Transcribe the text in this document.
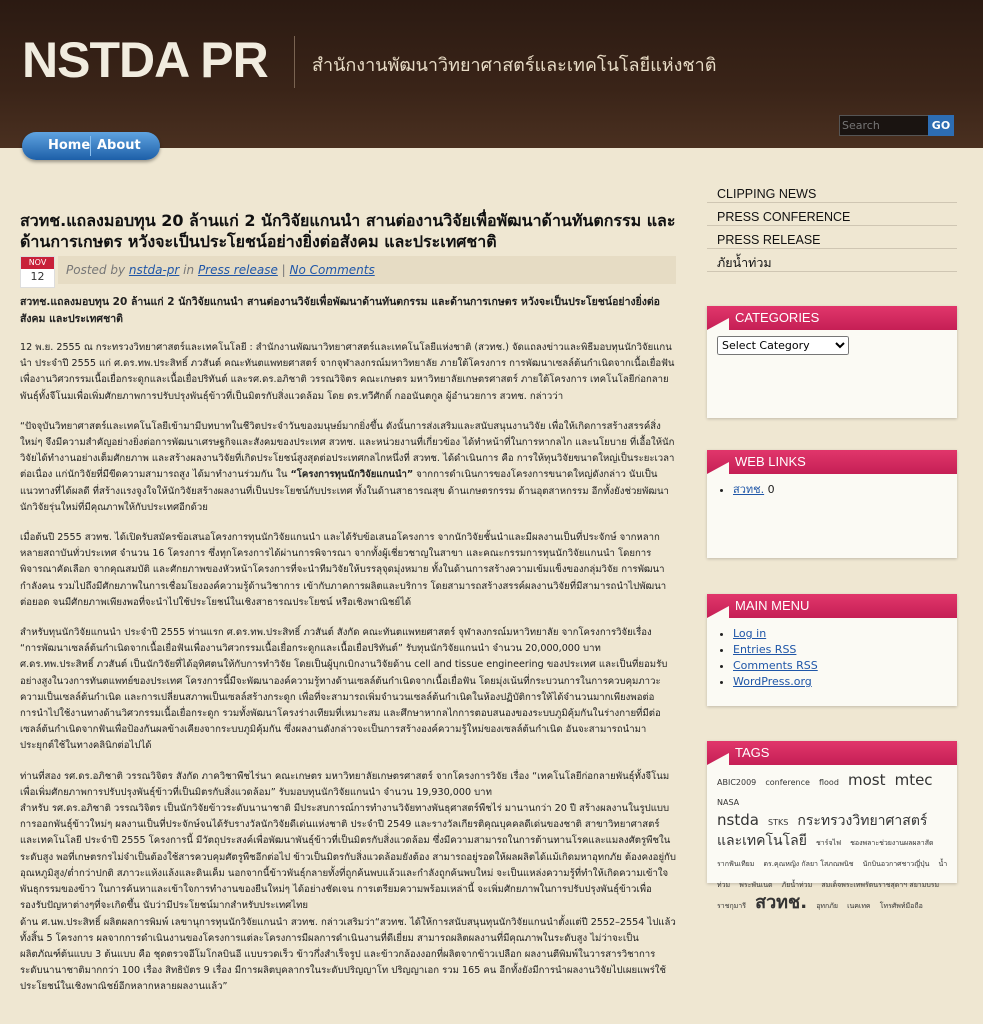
NSTDA PR สำนักงานพัฒนาวิทยาศาสตร์และเทคโนโลยีแห่งชาติ
Search
GO
Home About
สวทช.แถลงมอบทุน 20 ล้านแก่ 2 นักวิจัยแกนนำ สานต่องานวิจัยเพื่อพัฒนาด้านทันตกรรม และด้านการเกษตร หวังจะเป็นประโยชน์อย่างยิ่งต่อสังคม และประเทศชาติ
NOV
12	Posted by nstda-pr in Press release | No Comments

สวทช.แถลงมอบทุน 20 ล้านแก่ 2 นักวิจัยแกนนำ สานต่องานวิจัยเพื่อพัฒนาด้านทันตกรรม และด้านการเกษตร หวังจะเป็นประโยชน์อย่างยิ่งต่อสังคม และประเทศชาติ

12 พ.ย. 2555 ณ กระทรวงวิทยาศาสตร์และเทคโนโลยี : สำนักงานพัฒนาวิทยาศาสตร์และเทคโนโลยีแห่งชาติ (สวทช.) จัดแถลงข่าวและพิธีมอบทุนนักวิจัยแกนนำ ประจำปี 2555 แก่ ศ.ดร.ทพ.ประสิทธิ์ ภวสันต์ คณะทันตแพทยศาสตร์ จากจุฬาลงกรณ์มหาวิทยาลัย ภายใต้โครงการ การพัฒนาเซลล์ต้นกำเนิดจากเนื้อเยื่อฟันเพื่องานวิศวกรรมเนื้อเยื่อกระดูกและเนื้อเยื่อปริทันต์ และรศ.ดร.อภิชาติ วรรณวิจิตร คณะเกษตร มหาวิทยาลัยเกษตรศาสตร์ ภายใต้โครงการ เทคโนโลยีก่อกลายพันธุ์ทั้งจีโนมเพื่อเพิ่มศักยภาพการปรับปรุงพันธุ์ข้าวที่เป็นมิตรกับสิ่งแวดล้อม โดย ดร.ทวีศักดิ์ กออนันตกูล ผู้อำนวยการ สวทช. กล่าวว่า

“ปัจจุบันวิทยาศาสตร์และเทคโนโลยีเข้ามามีบทบาทในชีวิตประจำวันของมนุษย์มากยิ่งขึ้น ดังนั้นการส่งเสริมและสนับสนุนงานวิจัย เพื่อให้เกิดการสร้างสรรค์สิ่งใหม่ๆ จึงมีความสำคัญอย่างยิ่งต่อการพัฒนาเศรษฐกิจและสังคมของประเทศ สวทช. และหน่วยงานที่เกี่ยวข้อง ได้ทำหน้าที่ในการหากลไก และนโยบาย ที่เอื้อให้นักวิจัยได้ทำงานอย่างเต็มศักยภาพ และสร้างผลงานวิจัยที่เกิดประโยชน์สูงสุดต่อประเทศกลไกหนึ่งที่ สวทช. ได้ดำเนินการ คือ การให้ทุนวิจัยขนาดใหญ่เป็นระยะเวลาต่อเนื่อง แก่นักวิจัยที่มีขีดความสามารถสูง ได้มาทำงานร่วมกัน ใน “โครงการทุนนักวิจัยแกนนำ” จากการดำเนินการของโครงการขนาดใหญ่ดังกล่าว นับเป็นแนวทางที่ได้ผลดี ที่สร้างแรงจูงใจให้นักวิจัยสร้างผลงานที่เป็นประโยชน์กับประเทศ ทั้งในด้านสาธารณสุข ด้านเกษตรกรรม ด้านอุตสาหกรรม อีกทั้งยังช่วยพัฒนานักวิจัยรุ่นใหม่ที่มีคุณภาพให้กับประเทศอีกด้วย

เมื่อต้นปี 2555 สวทช. ได้เปิดรับสมัครข้อเสนอโครงการทุนนักวิจัยแกนนำ และได้รับข้อเสนอโครงการ จากนักวิจัยชั้นนำและมีผลงานเป็นที่ประจักษ์ จากหลากหลายสถาบันทั่วประเทศ จำนวน 16 โครงการ ซึ่งทุกโครงการได้ผ่านการพิจารณา จากทั้งผู้เชี่ยวชาญในสาขา และคณะกรรมการทุนนักวิจัยแกนนำ โดยการพิจารณาคัดเลือก จากคุณสมบัติ และศักยภาพของหัวหน้าโครงการที่จะนำทีมวิจัยให้บรรลุจุดมุ่งหมาย ทั้งในด้านการสร้างความเข้มแข็งของกลุ่มวิจัย การพัฒนากำลังคน รวมไปถึงมีศักยภาพในการเชื่อมโยงองค์ความรู้ด้านวิชาการ เข้ากับภาคการผลิตและบริการ โดยสามารถสร้างสรรค์ผลงานวิจัยที่มีสามารถนำไปพัฒนาต่อยอด จนมีศักยภาพเพียงพอที่จะนำไปใช้ประโยชน์ในเชิงสาธารณประโยชน์ หรือเชิงพาณิชย์ได้

สำหรับทุนนักวิจัยแกนนำ ประจำปี 2555 ท่านแรก ศ.ดร.ทพ.ประสิทธิ์ ภวสันต์ สังกัด คณะทันตแพทยศาสตร์ จุฬาลงกรณ์มหาวิทยาลัย จากโครงการวิจัยเรื่อง “การพัฒนาเซลล์ต้นกำเนิดจากเนื้อเยื่อฟันเพื่องานวิศวกรรมเนื้อเยื่อกระดูกและเนื้อเยื่อปริทันต์” รับทุนนักวิจัยแกนนำ จำนวน 20,000,000 บาท ศ.ดร.ทพ.ประสิทธิ์ ภวสันต์ เป็นนักวิจัยที่ได้อุทิศตนให้กับการทำวิจัย โดยเป็นผู้บุกเบิกงานวิจัยด้าน cell and tissue engineering ของประเทศ และเป็นที่ยอมรับอย่างสูงในวงการทันตแพทย์ของประเทศ โครงการนี้มีจะพัฒนาองค์ความรู้ทางด้านเซลล์ต้นกำเนิดจากเนื้อเยื่อฟัน โดยมุ่งเน้นที่กระบวนการในการควบคุมภาวะความเป็นเซลล์ต้นกำเนิด และการเปลี่ยนสภาพเป็นเซลล์สร้างกระดูก เพื่อที่จะสามารถเพิ่มจำนวนเซลล์ต้นกำเนิดในห้องปฏิบัติการให้ได้จำนวนมากเพียงพอต่อการนำไปใช้งานทางด้านวิศวกรรมเนื้อเยื่อกระดูก รวมทั้งพัฒนาโครงร่างเทียมที่เหมาะสม และศึกษาหากลไกการตอบสนองของระบบภูมิคุ้มกันในร่างกายที่มีต่อเซลล์ต้นกำเนิดจากฟันเพื่อป้องกันผลข้างเคียงจากระบบภูมิคุ้มกัน ซึ่งผลงานดังกล่าวจะเป็นการสร้างองค์ความรู้ใหม่ของเซลล์ต้นกำเนิด อันจะสามารถนำมาประยุกต์ใช้ในทางคลินิกต่อไปได้

ท่านที่สอง รศ.ดร.อภิชาติ วรรณวิจิตร สังกัด ภาควิชาพืชไร่นา คณะเกษตร มหาวิทยาลัยเกษตรศาสตร์ จากโครงการวิจัย เรื่อง “เทคโนโลยีก่อกลายพันธุ์ทั้งจีโนมเพื่อเพิ่มศักยภาพการปรับปรุงพันธุ์ข้าวที่เป็นมิตรกับสิ่งแวดล้อม” รับมอบทุนนักวิจัยแกนนำ จำนวน 19,930,000 บาท

สำหรับ รศ.ดร.อภิชาติ วรรณวิจิตร เป็นนักวิจัยข้าวระดับนานาชาติ มีประสบการณ์การทำงานวิจัยทางพันธุศาสตร์พืชไร่ มานานกว่า 20 ปี สร้างผลงานในรูปแบบการออกพันธุ์ข้าวใหม่ๆ ผลงานเป็นที่ประจักษ์จนได้รับรางวัลนักวิจัยดีเด่นแห่งชาติ ประจำปี 2549 และรางวัลเกียรติคุณบุคคลดีเด่นของชาติ สาขาวิทยาศาสตร์และเทคโนโลยี ประจำปี 2555 โครงการนี้ มีวัตถุประสงค์เพื่อพัฒนาพันธุ์ข้าวที่เป็นมิตรกับสิ่งแวดล้อม ซึ่งมีความสามารถในการต้านทานโรคและแมลงศัตรูพืชในระดับสูง พอที่เกษตรกรไม่จำเป็นต้องใช้สารควบคุมศัตรูพืชอีกต่อไป ข้าวเป็นมิตรกับสิ่งแวดล้อมยังต้อง สามารถอยู่รอดให้ผลผลิตได้แม้เกิดมหาอุทกภัย ต้องคงอยู่กับอุณหภูมิสูง/ต่ำกว่าปกติ สภาวะแห้งแล้งและดินเค็ม นอกจากนี้ข้าวพันธุ์กลายทั้งที่ถูกค้นพบแล้วและกำลังถูกค้นพบใหม่ จะเป็นแหล่งความรู้ที่ทำให้เกิดความเข้าใจพันธุกรรมของข้าว ในการค้นหาและเข้าใจการทำงานของยีนใหม่ๆ ได้อย่างชัดเจน การเตรียมความพร้อมเหล่านี้ จะเพิ่มศักยภาพในการปรับปรุงพันธุ์ข้าวเพื่อรองรับปัญหาต่างๆที่จะเกิดขึ้น นับว่ามีประโยชน์มากสำหรับประเทศไทย

ด้าน ศ.นพ.ประสิทธิ์ ผลิตผลการพิมพ์ เลขานุการทุนนักวิจัยแกนนำ สวทช. กล่าวเสริมว่า“สวทช. ได้ให้การสนับสนุนทุนนักวิจัยแกนนำตั้งแต่ปี 2552–2554 ไปแล้ว ทั้งสิ้น 5 โครงการ ผลจากการดำเนินงานของโครงการแต่ละโครงการมีผลการดำเนินงานที่ดีเยี่ยม สามารถผลิตผลงานที่มีคุณภาพในระดับสูง ไม่ว่าจะเป็น ผลิตภัณฑ์ต้นแบบ 3 ต้นแบบ คือ ชุดตรวจอีโมโกลบินอี แบบรวดเร็ว ข้าวกึ่งสำเร็จรูป และข้าวกล้องงอกที่ผลิตจากข้าวเปลือก ผลงานตีพิมพ์ในวารสารวิชาการระดับนานาชาติมากกว่า 100 เรื่อง สิทธิบัตร 9 เรื่อง มีการผลิตบุคลากรในระดับปริญญาโท ปริญญาเอก รวม 165 คน อีกทั้งยังมีการนำผลงานวิจัยไปเผยแพร่ใช้ประโยชน์ในเชิงพาณิชย์อีกหลากหลายผลงานแล้ว”

CLIPPING NEWS
PRESS CONFERENCE
PRESS RELEASE
ภัยน้ำท่วม
CATEGORIES
Select Category
WEB LINKS
• สวทช. 0
MAIN MENU
• Log in
• Entries RSS
• Comments RSS
• WordPress.org
TAGS
ABIC2009 conference flood most mtec NASA
nstda STKS กระทรวงวิทยาศาสตร์และเทคโนโลยี ชาร์จไฟ ชองพลาะช่วยงานผลผลาสัด
รากฟันเทียม ดร.คุณหญิง กัลยา โสภณพนิช นักบินอวกาศชาวญี่ปุ่น น้ำท่วม พระพันเนต ภัยน้ำท่วม สมเด็จพระเทพรัตนราชสุดาฯ สยามบรมราชกุมารี สวทช. อุทกภัย เนคเทค โทรศัพท์มือถือ
